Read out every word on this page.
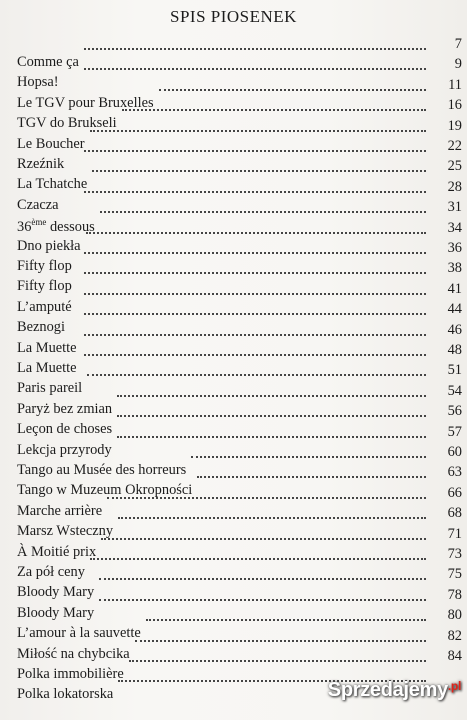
SPIS PIOSENEK
7
Comme ça	9
Hopsa!	11
Le TGV pour Bruxelles	16
TGV do Brukseli	19
Le Boucher	22
Rzeźnik	25
La Tchatche	28
Czacza	31
36ème dessous	34
Dno piekła	36
Fifty flop	38
Fifty flop	41
L’amputé	44
Beznogi	46
La Muette	48
La Muette	51
Paris pareil	54
Paryż bez zmian	56
Leçon de choses	57
Lekcja przyrody	60
Tango au Musée des horreurs	63
Tango w Muzeum Okropności	66
Marche arrière	68
Marsz Wsteczny	71
À Moitié prix	73
Za pół ceny	75
Bloody Mary	78
Bloody Mary	80
L’amour à la sauvette	82
Miłość na chybcika	84
Polka immobilière
Polka lokatorska	Sprzedajemy$^{.pl}$
